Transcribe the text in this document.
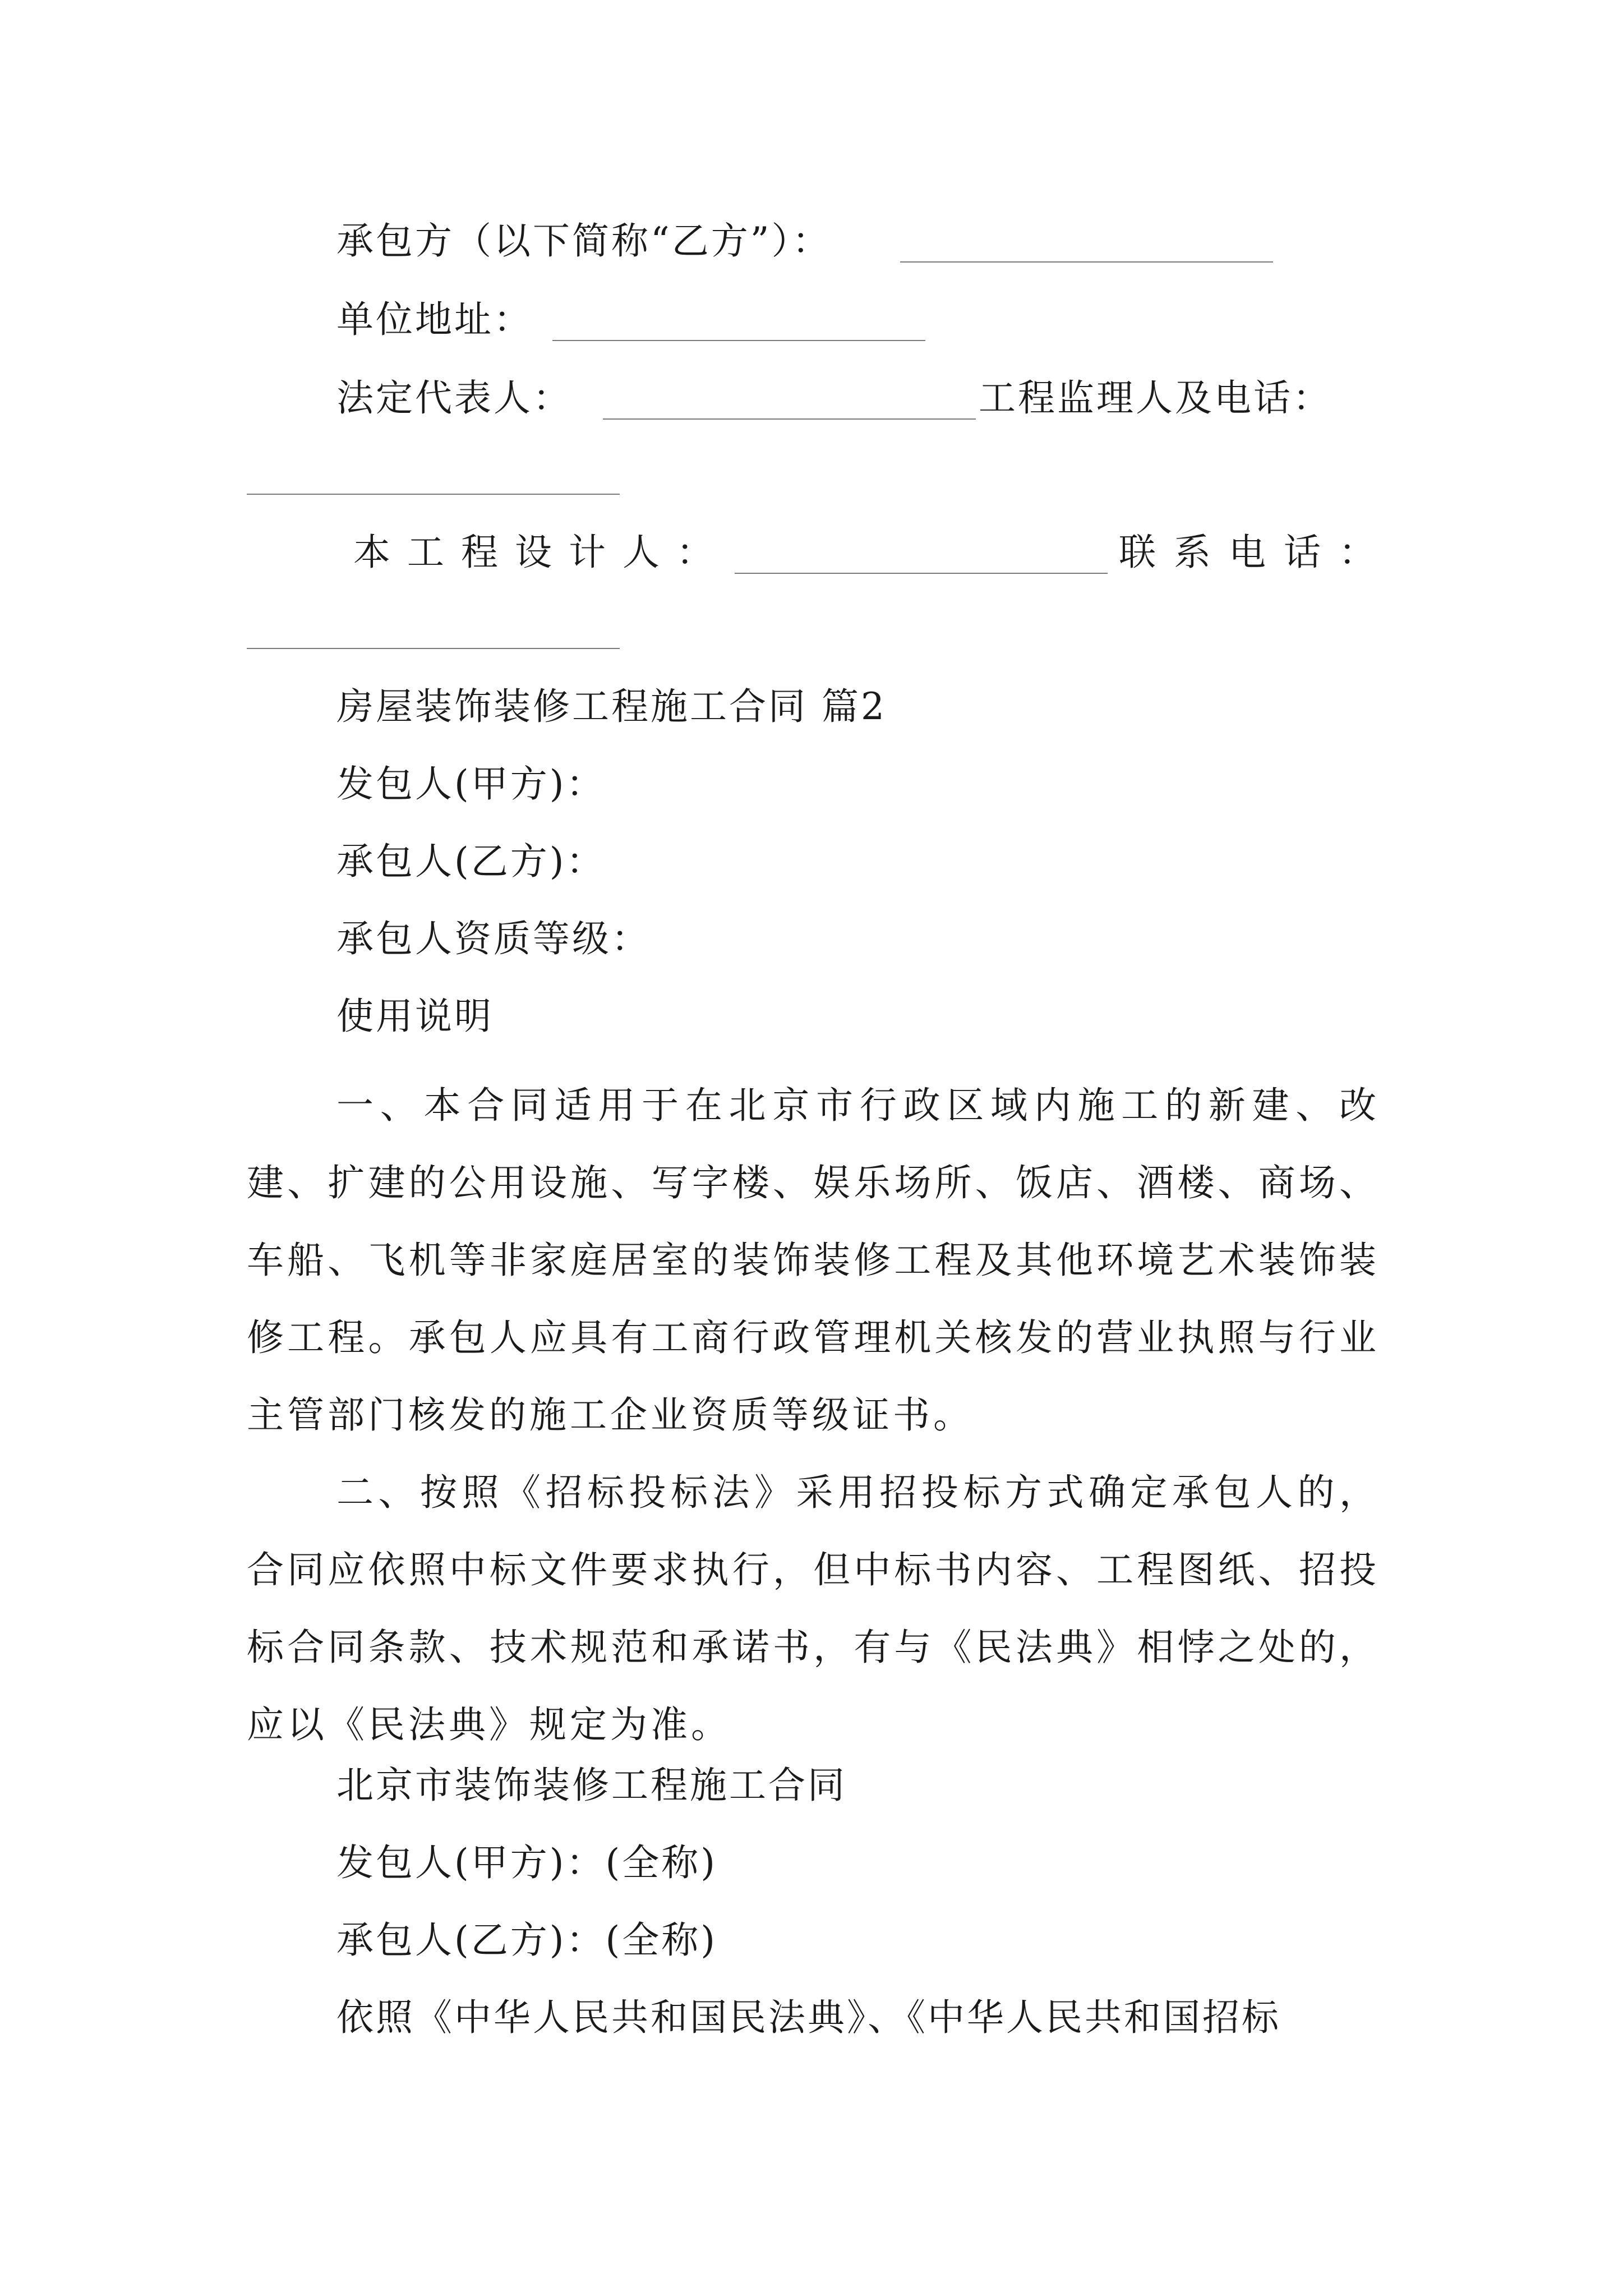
承包方（以下简称“乙方”）：
单位地址：
法定代表人：	工程监理人及电话：
本工程设计人：	联系电话：
房屋装饰装修工程施工合同 篇2
发包人(甲方)：
承包人(乙方)：
承包人资质等级：
使用说明
一、本合同适用于在北京市行政区域内施工的新建、改建、扩建的公用设施、写字楼、娱乐场所、饭店、酒楼、商场、车船、飞机等非家庭居室的装饰装修工程及其他环境艺术装饰装修工程。承包人应具有工商行政管理机关核发的营业执照与行业主管部门核发的施工企业资质等级证书。
二、按照《招标投标法》采用招投标方式确定承包人的，合同应依照中标文件要求执行，但中标书内容、工程图纸、招投标合同条款、技术规范和承诺书，有与《民法典》相悖之处的，应以《民法典》规定为准。
北京市装饰装修工程施工合同
发包人(甲方)：(全称)
承包人(乙方)：(全称)
依照《中华人民共和国民法典》、《中华人民共和国招标
